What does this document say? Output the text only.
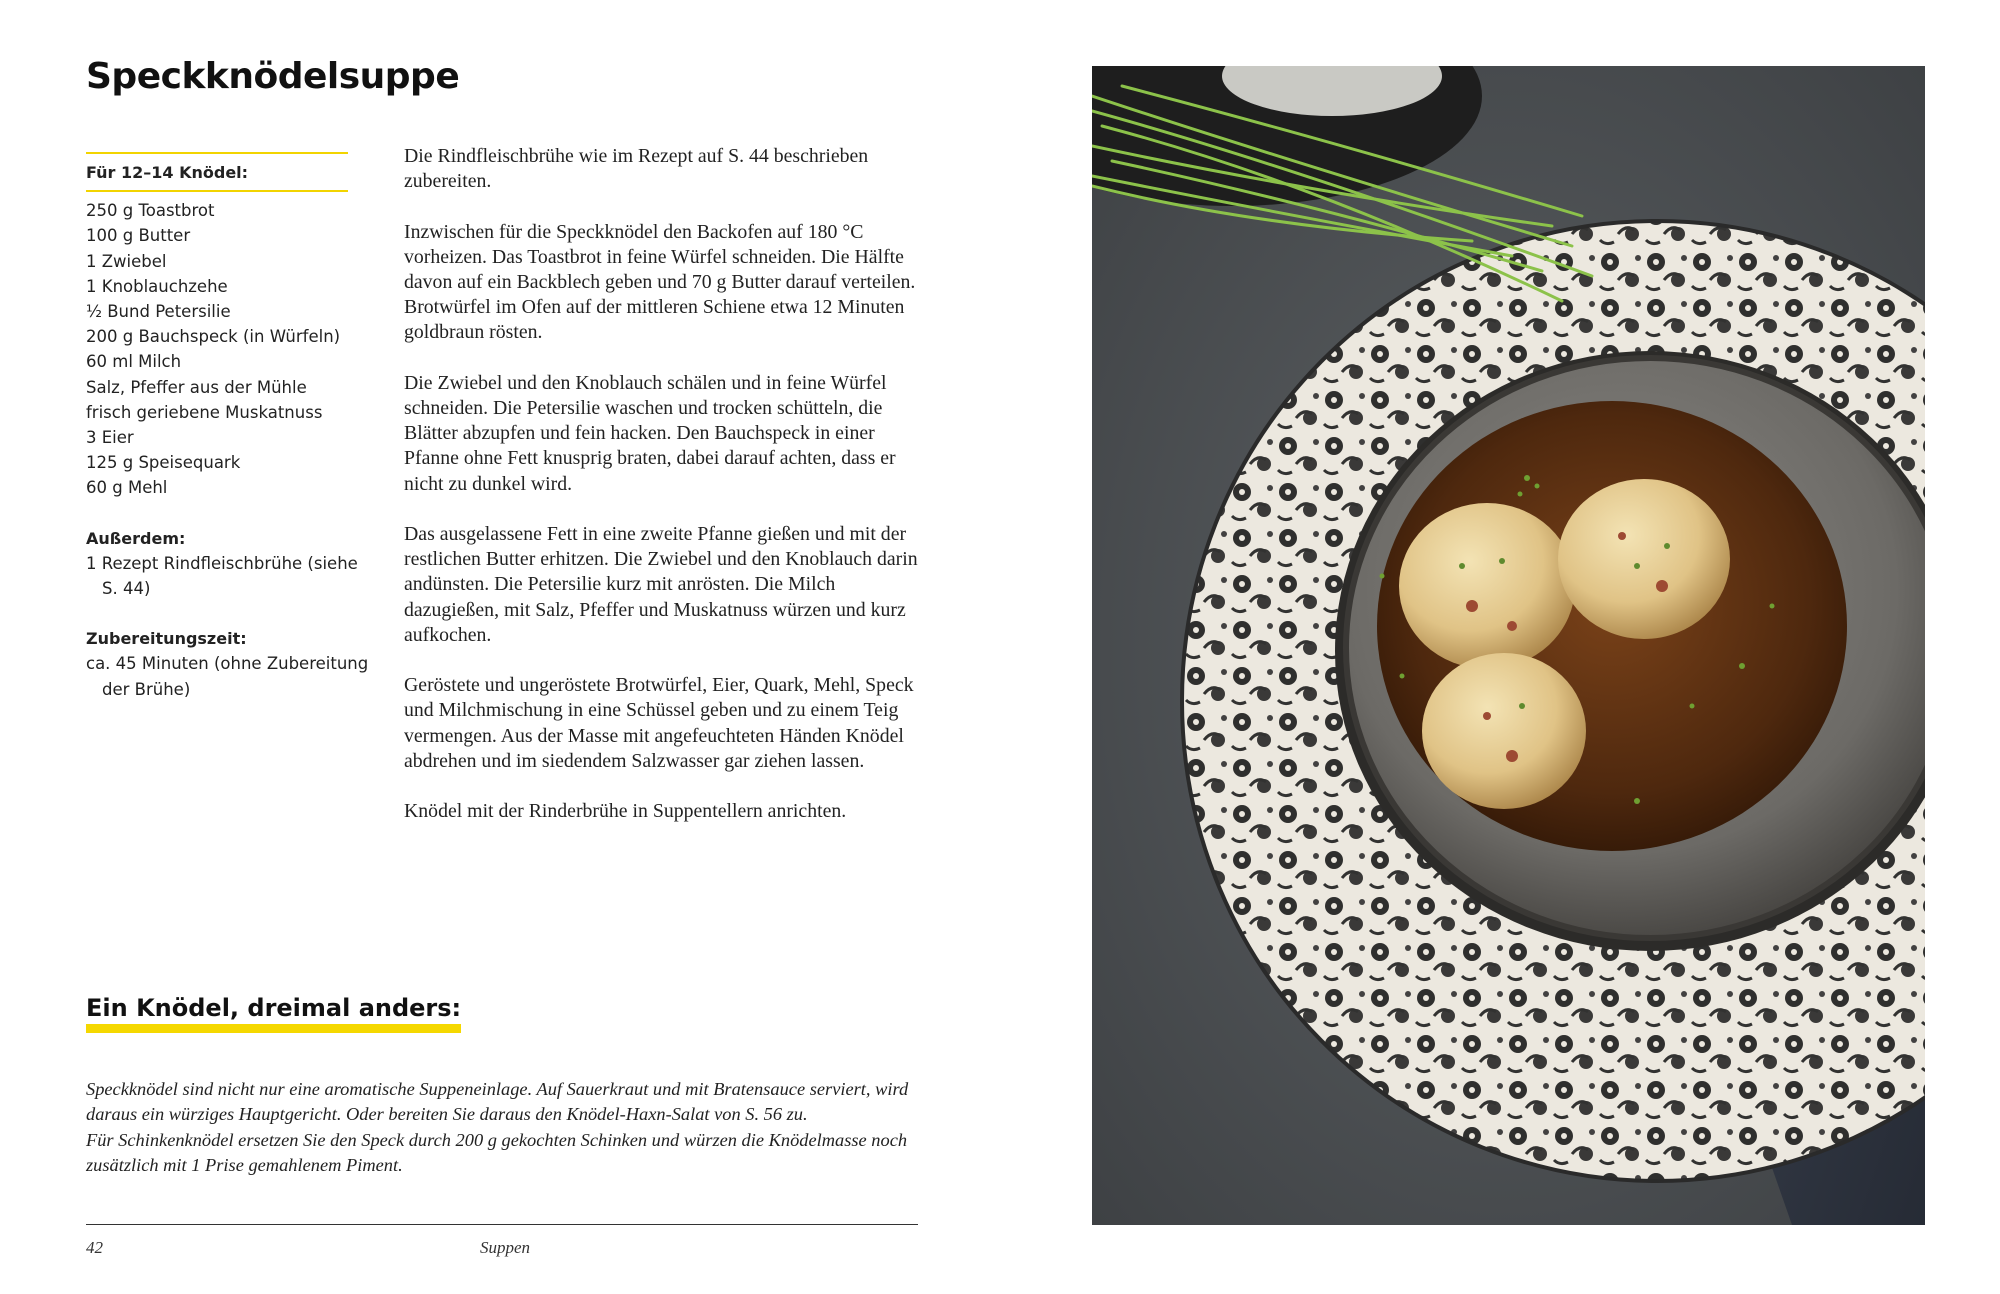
Speckknödelsuppe
Für 12–14 Knödel:
250 g Toastbrot
100 g Butter
1 Zwiebel
1 Knoblauchzehe
½ Bund Petersilie
200 g Bauchspeck (in Würfeln)
60 ml Milch
Salz, Pfeffer aus der Mühle
frisch geriebene Muskatnuss
3 Eier
125 g Speisequark
60 g Mehl
Außerdem:
1 Rezept Rindfleischbrühe (siehe S. 44)
Zubereitungszeit:
ca. 45 Minuten (ohne Zubereitung der Brühe)

Die Rindfleischbrühe wie im Rezept auf S. 44 beschrieben zubereiten.

Inzwischen für die Speckknödel den Backofen auf 180 °C vorheizen. Das Toastbrot in feine Würfel schneiden. Die Hälfte davon auf ein Backblech geben und 70 g Butter darauf verteilen. Brotwürfel im Ofen auf der mittleren Schiene etwa 12 Minuten goldbraun rösten.

Die Zwiebel und den Knoblauch schälen und in feine Würfel schneiden. Die Petersilie waschen und trocken schütteln, die Blätter abzupfen und fein hacken. Den Bauchspeck in einer Pfanne ohne Fett knusprig braten, dabei darauf achten, dass er nicht zu dunkel wird.

Das ausgelassene Fett in eine zweite Pfanne gießen und mit der restlichen Butter erhitzen. Die Zwiebel und den Knoblauch darin andünsten. Die Petersilie kurz mit anrösten. Die Milch dazugießen, mit Salz, Pfeffer und Muskatnuss würzen und kurz aufkochen.

Geröstete und ungeröstete Brotwürfel, Eier, Quark, Mehl, Speck und Milchmischung in eine Schüssel geben und zu einem Teig vermengen. Aus der Masse mit angefeuchteten Händen Knödel abdrehen und im siedendem Salzwasser gar ziehen lassen.

Knödel mit der Rinderbrühe in Suppentellern anrichten.

Ein Knödel, dreimal anders:

Speckknödel sind nicht nur eine aromatische Suppeneinlage. Auf Sauerkraut und mit Bratensauce serviert, wird daraus ein würziges Hauptgericht. Oder bereiten Sie daraus den Knödel-Haxn-Salat von S. 56 zu.

Für Schinkenknödel ersetzen Sie den Speck durch 200 g gekochten Schinken und würzen die Knödelmasse noch zusätzlich mit 1 Prise gemahlenem Piment.

42	Suppen
